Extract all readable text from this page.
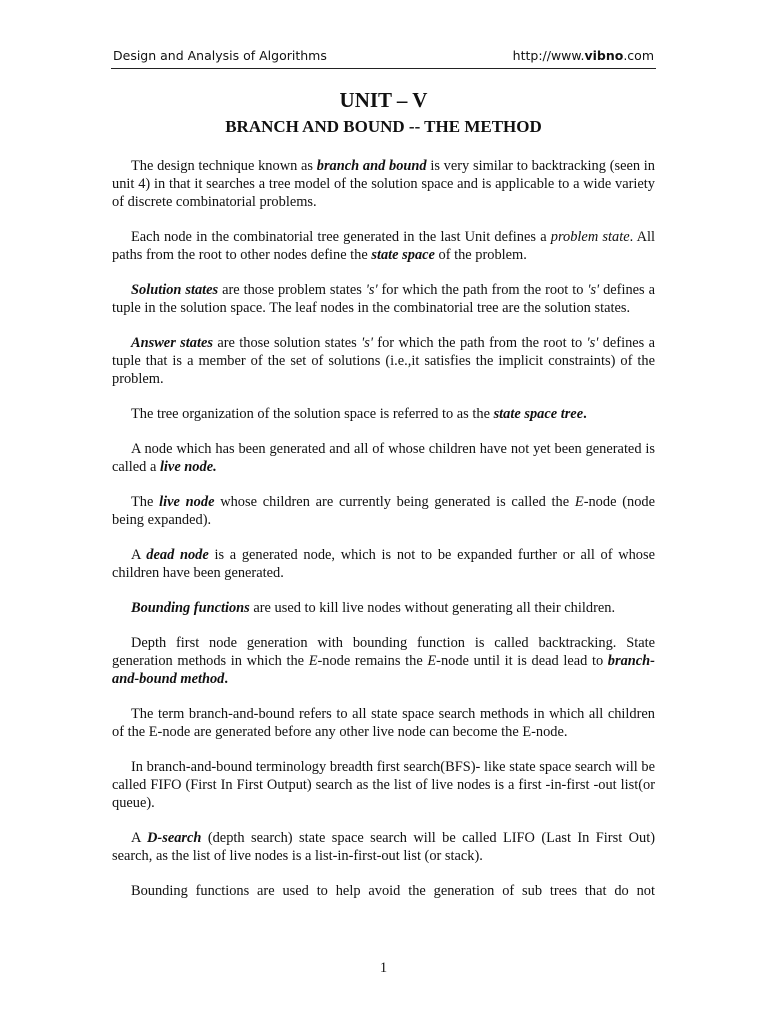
Design and Analysis of Algorithms	http://www.vibno.com
UNIT – V
BRANCH AND BOUND -- THE METHOD

The design technique known as branch and bound is very similar to backtracking (seen in unit 4) in that it searches a tree model of the solution space and is applicable to a wide variety of discrete combinatorial problems.

Each node in the combinatorial tree generated in the last Unit defines a problem state. All paths from the root to other nodes define the state space of the problem.

Solution states are those problem states 's' for which the path from the root to 's' defines a tuple in the solution space. The leaf nodes in the combinatorial tree are the solution states.

Answer states are those solution states 's' for which the path from the root to 's' defines a tuple that is a member of the set of solutions (i.e.,it satisfies the implicit constraints) of the problem.

The tree organization of the solution space is referred to as the state space tree.

A node which has been generated and all of whose children have not yet been generated is called a live node.

The live node whose children are currently being generated is called the E-node (node being expanded).

A dead node is a generated node, which is not to be expanded further or all of whose children have been generated.

Bounding functions are used to kill live nodes without generating all their children.

Depth first node generation with bounding function is called backtracking. State generation methods in which the E-node remains the E-node until it is dead lead to branch-and-bound method.

The term branch-and-bound refers to all state space search methods in which all children of the E-node are generated before any other live node can become the E-node.

In branch-and-bound terminology breadth first search(BFS)- like state space search will be called FIFO (First In First Output) search as the list of live nodes is a first -in-first -out list(or queue).

A D-search (depth search) state space search will be called LIFO (Last In First Out) search, as the list of live nodes is a list-in-first-out list (or stack).

Bounding functions are used to help avoid the generation of sub trees that do not

1
